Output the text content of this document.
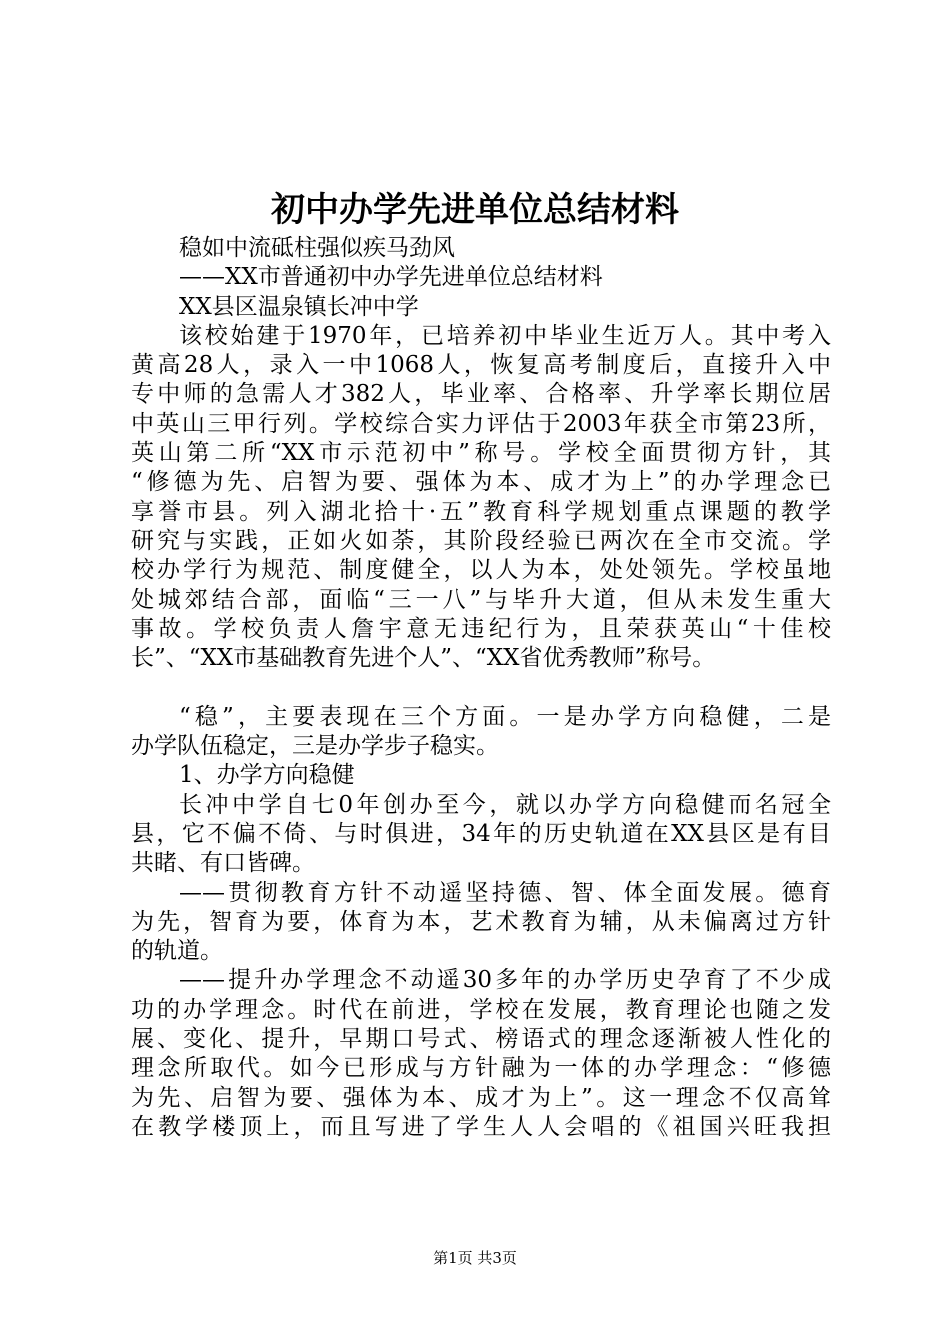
初中办学先进单位总结材料
稳如中流砥柱强似疾马劲风
——XX市普通初中办学先进单位总结材料
XX县区温泉镇长冲中学
该校始建于1970年，已培养初中毕业生近万人。其中考入
黄高28人，录入一中1068人，恢复高考制度后，直接升入中
专中师的急需人才382人，毕业率、合格率、升学率长期位居
中英山三甲行列。学校综合实力评估于2003年获全市第23所，
英山第二所“XX市示范初中”称号。学校全面贯彻方针，其
“修德为先、启智为要、强体为本、成才为上”的办学理念已
享誉市县。列入湖北拾十·五”教育科学规划重点课题的教学
研究与实践，正如火如荼，其阶段经验已两次在全市交流。学
校办学行为规范、制度健全，以人为本，处处领先。学校虽地
处城郊结合部，面临“三一八”与毕升大道，但从未发生重大
事故。学校负责人詹宇意无违纪行为，且荣获英山“十佳校
长”、“XX市基础教育先进个人”、“XX省优秀教师”称号。
“稳”，主要表现在三个方面。一是办学方向稳健，二是
办学队伍稳定，三是办学步子稳实。
1、办学方向稳健
长冲中学自七0年创办至今，就以办学方向稳健而名冠全
县，它不偏不倚、与时俱进，34年的历史轨道在XX县区是有目
共睹、有口皆碑。
——贯彻教育方针不动遥坚持德、智、体全面发展。德育
为先，智育为要，体育为本，艺术教育为辅，从未偏离过方针
的轨道。
——提升办学理念不动遥30多年的办学历史孕育了不少成
功的办学理念。时代在前进，学校在发展，教育理论也随之发
展、变化、提升，早期口号式、榜语式的理念逐渐被人性化的
理念所取代。如今已形成与方针融为一体的办学理念：“修德
为先、启智为要、强体为本、成才为上”。这一理念不仅高耸
在教学楼顶上，而且写进了学生人人会唱的《祖国兴旺我担
第1页 共3页
